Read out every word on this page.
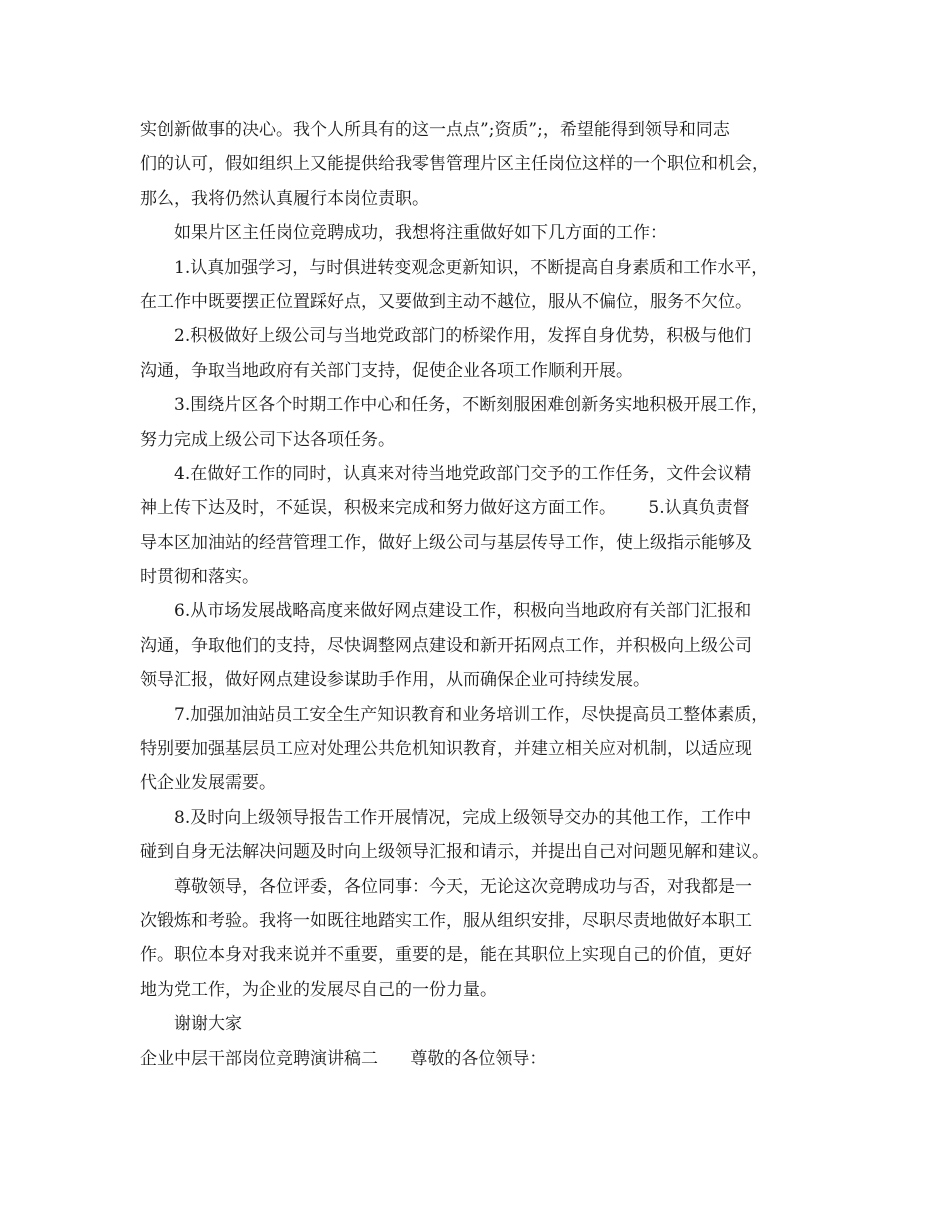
实创新做事的决心。我个人所具有的这一点点”;资质”;，希望能得到领导和同志
们的认可，假如组织上又能提供给我零售管理片区主任岗位这样的一个职位和机会，
那么，我将仍然认真履行本岗位责职。
如果片区主任岗位竞聘成功，我想将注重做好如下几方面的工作：
1.认真加强学习，与时俱进转变观念更新知识，不断提高自身素质和工作水平，
在工作中既要摆正位置踩好点，又要做到主动不越位，服从不偏位，服务不欠位。
2.积极做好上级公司与当地党政部门的桥梁作用，发挥自身优势，积极与他们
沟通，争取当地政府有关部门支持，促使企业各项工作顺利开展。
3.围绕片区各个时期工作中心和任务，不断刻服困难创新务实地积极开展工作，
努力完成上级公司下达各项任务。
4.在做好工作的同时，认真来对待当地党政部门交予的工作任务，文件会议精
神上传下达及时，不延误，积极来完成和努力做好这方面工作。      5.认真负责督
导本区加油站的经营管理工作，做好上级公司与基层传导工作，使上级指示能够及
时贯彻和落实。
6.从市场发展战略高度来做好网点建设工作，积极向当地政府有关部门汇报和
沟通，争取他们的支持，尽快调整网点建设和新开拓网点工作，并积极向上级公司
领导汇报，做好网点建设参谋助手作用，从而确保企业可持续发展。
7.加强加油站员工安全生产知识教育和业务培训工作，尽快提高员工整体素质，
特别要加强基层员工应对处理公共危机知识教育，并建立相关应对机制，以适应现
代企业发展需要。
8.及时向上级领导报告工作开展情况，完成上级领导交办的其他工作，工作中
碰到自身无法解决问题及时向上级领导汇报和请示，并提出自己对问题见解和建议。
尊敬领导，各位评委，各位同事：今天，无论这次竞聘成功与否，对我都是一
次锻炼和考验。我将一如既往地踏实工作，服从组织安排，尽职尽责地做好本职工
作。职位本身对我来说并不重要，重要的是，能在其职位上实现自己的价值，更好
地为党工作，为企业的发展尽自己的一份力量。
谢谢大家
企业中层干部岗位竞聘演讲稿二      尊敬的各位领导：
